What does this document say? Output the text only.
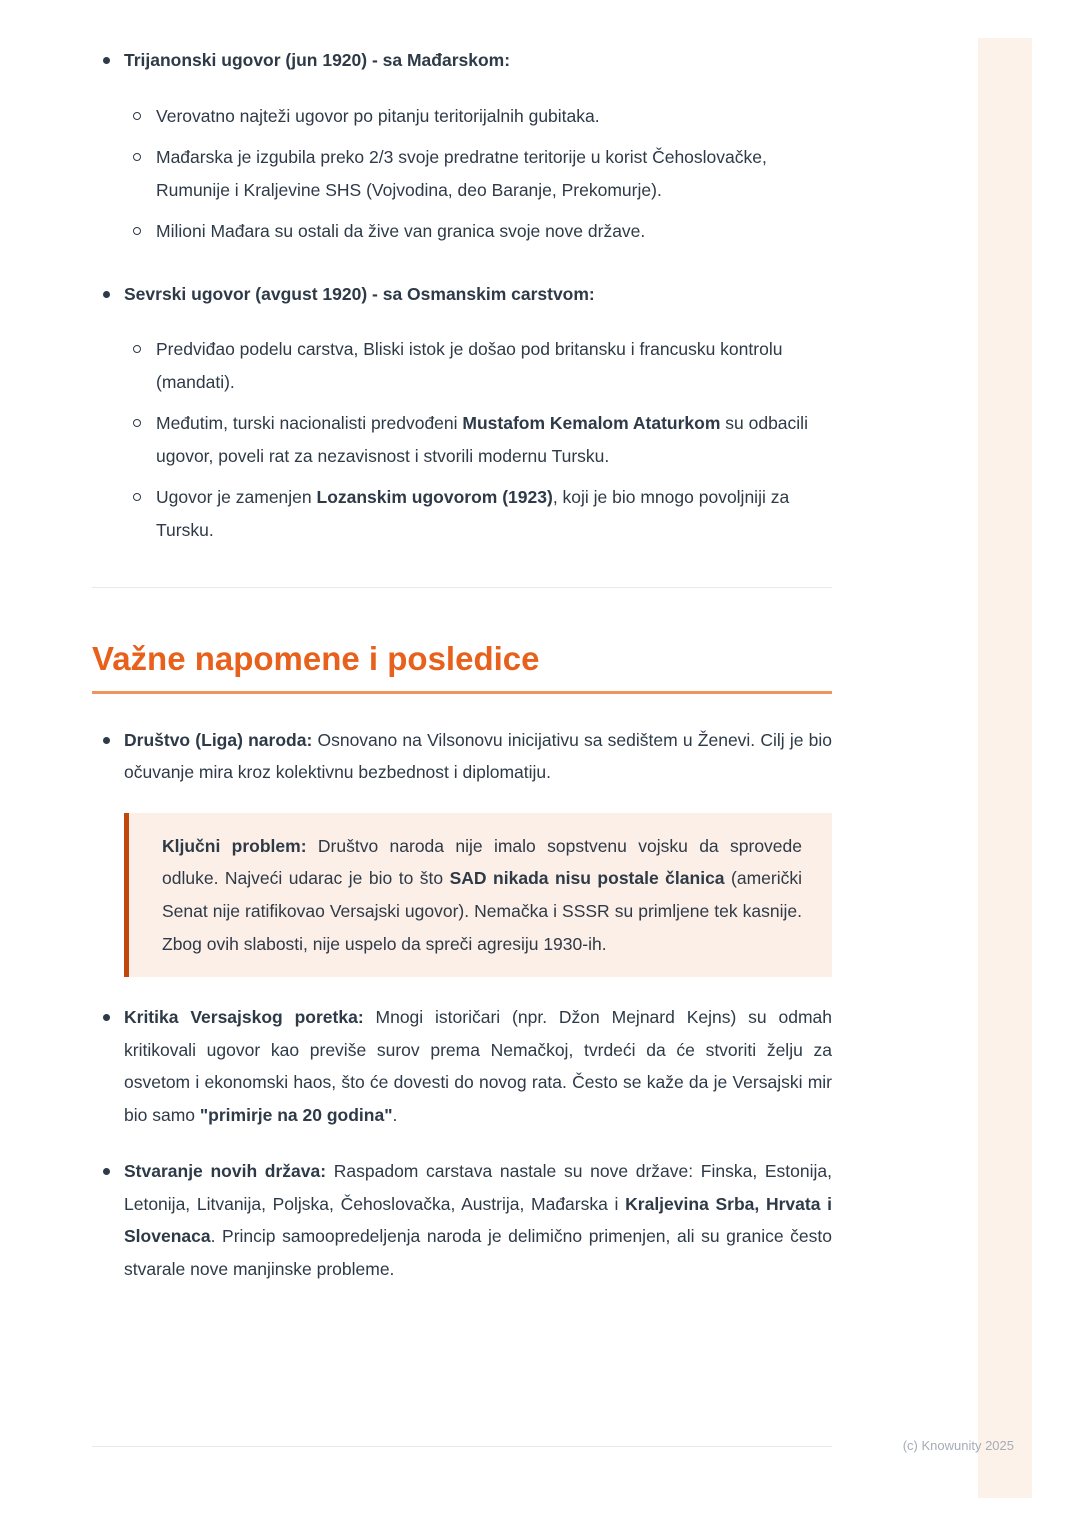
Trijanonski ugovor (jun 1920) - sa Mađarskom:

Verovatno najteži ugovor po pitanju teritorijalnih gubitaka.

Mađarska je izgubila preko 2/3 svoje predratne teritorije u korist Čehoslovačke, Rumunije i Kraljevine SHS (Vojvodina, deo Baranje, Prekomurje).

Milioni Mađara su ostali da žive van granica svoje nove države.

Sevrski ugovor (avgust 1920) - sa Osmanskim carstvom:

Predviđao podelu carstva, Bliski istok je došao pod britansku i francusku kontrolu (mandati).

Međutim, turski nacionalisti predvođeni Mustafom Kemalom Ataturkom su odbacili ugovor, poveli rat za nezavisnost i stvorili modernu Tursku.

Ugovor je zamenjen Lozanskim ugovorom (1923), koji je bio mnogo povoljniji za Tursku.

Važne napomene i posledice

Društvo (Liga) naroda: Osnovano na Vilsonovu inicijativu sa sedištem u Ženevi. Cilj je bio očuvanje mira kroz kolektivnu bezbednost i diplomatiju.

Ključni problem: Društvo naroda nije imalo sopstvenu vojsku da sprovede odluke. Najveći udarac je bio to što SAD nikada nisu postale članica (američki Senat nije ratifikovao Versajski ugovor). Nemačka i SSSR su primljene tek kasnije. Zbog ovih slabosti, nije uspelo da spreči agresiju 1930-ih.

Kritika Versajskog poretka: Mnogi istoričari (npr. Džon Mejnard Kejns) su odmah kritikovali ugovor kao previše surov prema Nemačkoj, tvrdeći da će stvoriti želju za osvetom i ekonomski haos, što će dovesti do novog rata. Često se kaže da je Versajski mir bio samo "primirje na 20 godina".

Stvaranje novih država: Raspadom carstava nastale su nove države: Finska, Estonija, Letonija, Litvanija, Poljska, Čehoslovačka, Austrija, Mađarska i Kraljevina Srba, Hrvata i Slovenaca. Princip samoopredeljenja naroda je delimično primenjen, ali su granice često stvarale nove manjinske probleme.

(c) Knowunity 2025
